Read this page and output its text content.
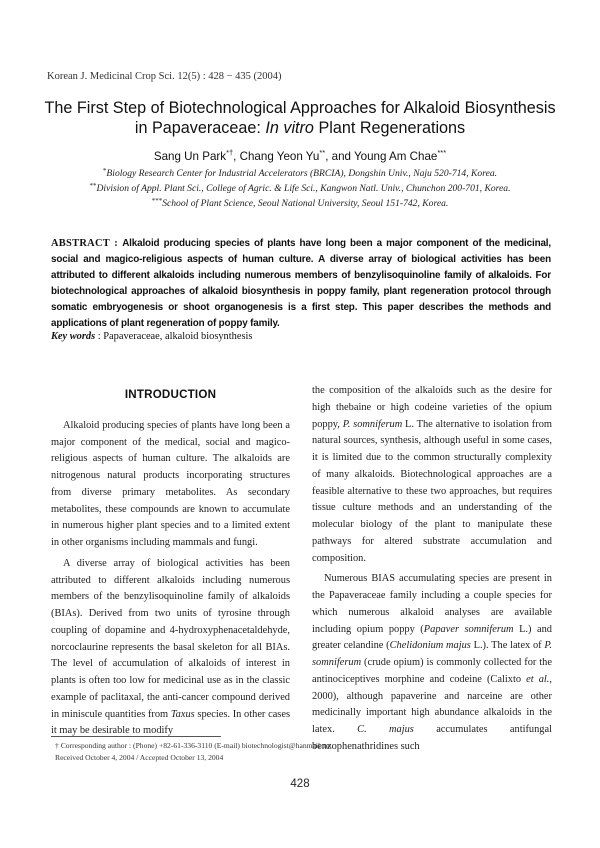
Korean J. Medicinal Crop Sci. 12(5) : 428 − 435 (2004)
The First Step of Biotechnological Approaches for Alkaloid Biosynthesis
in Papaveraceae: In vitro Plant Regenerations
Sang Un Park*†, Chang Yeon Yu**, and Young Am Chae***
*Biology Research Center for Industrial Accelerators (BRCIA), Dongshin Univ., Naju 520-714, Korea.
**Division of Appl. Plant Sci., College of Agric. & Life Sci., Kangwon Natl. Univ., Chunchon 200-701, Korea.
***School of Plant Science, Seoul National University, Seoul 151-742, Korea.
ABSTRACT : Alkaloid producing species of plants have long been a major component of the medicinal, social and magico-religious aspects of human culture. A diverse array of biological activities has been attributed to different alkaloids including numerous members of benzylisoquinoline family of alkaloids. For biotechnological approaches of alkaloid biosynthesis in poppy family, plant regeneration protocol through somatic embryogenesis or shoot organogenesis is a first step. This paper describes the methods and applications of plant regeneration of poppy family.
Key words : Papaveraceae, alkaloid biosynthesis
INTRODUCTION

Alkaloid producing species of plants have long been a major component of the medical, social and magico-religious aspects of human culture. The alkaloids are nitrogenous natural products incorporating structures from diverse primary metabolites. As secondary metabolites, these compounds are known to accumulate in numerous higher plant species and to a limited extent in other organisms including mammals and fungi.

A diverse array of biological activities has been attributed to different alkaloids including numerous members of the benzylisoquinoline family of alkaloids (BIAs). Derived from two units of tyrosine through coupling of dopamine and 4-hydroxyphenacetaldehyde, norcoclaurine represents the basal skeleton for all BIAs. The level of accumulation of alkaloids of interest in plants is often too low for medicinal use as in the classic example of paclitaxal, the anti-cancer compound derived in miniscule quantities from Taxus species. In other cases it may be desirable to modify

the composition of the alkaloids such as the desire for high thebaine or high codeine varieties of the opium poppy, P. somniferum L. The alternative to isolation from natural sources, synthesis, although useful in some cases, it is limited due to the common structurally complexity of many alkaloids. Biotechnological approaches are a feasible alternative to these two approaches, but requires tissue culture methods and an understanding of the molecular biology of the plant to manipulate these pathways for altered substrate accumulation and composition.

Numerous BIAS accumulating species are present in the Papaveraceae family including a couple species for which numerous alkaloid analyses are available including opium poppy (Papaver somniferum L.) and greater celandine (Chelidonium majus L.). The latex of P. somniferum (crude opium) is commonly collected for the antinociceptives morphine and codeine (Calixto et al., 2000), although papaverine and narceine are other medicinally important high abundance alkaloids in the latex. C. majus accumulates antifungal benzophenathridines such

† Corresponding author : (Phone) +82-61-336-3110 (E-mail) biotechnologist@hanmail.net
Received October 4, 2004 / Accepted October 13, 2004
428
